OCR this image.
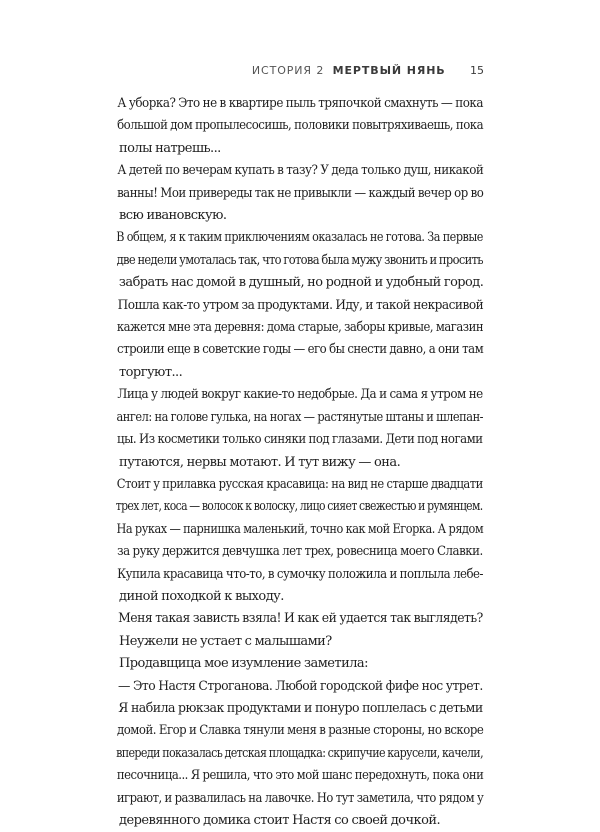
ИСТОРИЯ 2 МЕРТВЫЙ НЯНЬ 15

А уборка? Это не в квартире пыль тряпочкой смахнуть — пока
большой дом пропылесосишь, половики повытряхиваешь, пока
полы натрешь...

А детей по вечерам купать в тазу? У деда только душ, никакой
ванны! Мои привереды так не привыкли — каждый вечер ор во
всю ивановскую.

В общем, я к таким приключениям оказалась не готова. За первые
две недели умоталась так, что готова была мужу звонить и просить
забрать нас домой в душный, но родной и удобный город.

Пошла как-то утром за продуктами. Иду, и такой некрасивой
кажется мне эта деревня: дома старые, заборы кривые, магазин
строили еще в советские годы — его бы снести давно, а они там
торгуют...

Лица у людей вокруг какие-то недобрые. Да и сама я утром не
ангел: на голове гулька, на ногах — растянутые штаны и шлепан-
цы. Из косметики только синяки под глазами. Дети под ногами
путаются, нервы мотают. И тут вижу — она.

Стоит у прилавка русская красавица: на вид не старше двадцати
трех лет, коса — волосок к волоску, лицо сияет свежестью и румянцем.
На руках — парнишка маленький, точно как мой Егорка. А рядом
за руку держится девчушка лет трех, ровесница моего Славки.

Купила красавица что-то, в сумочку положила и поплыла лебе-
диной походкой к выходу.

Меня такая зависть взяла! И как ей удается так выглядеть?
Неужели не устает с малышами?

Продавщица мое изумление заметила:

— Это Настя Строганова. Любой городской фифе нос утрет.

Я набила рюкзак продуктами и понуро поплелась с детьми
домой. Егор и Славка тянули меня в разные стороны, но вскоре
впереди показалась детская площадка: скрипучие карусели, качели,
песочница... Я решила, что это мой шанс передохнуть, пока они
играют, и развалилась на лавочке. Но тут заметила, что рядом у
деревянного домика стоит Настя со своей дочкой.
